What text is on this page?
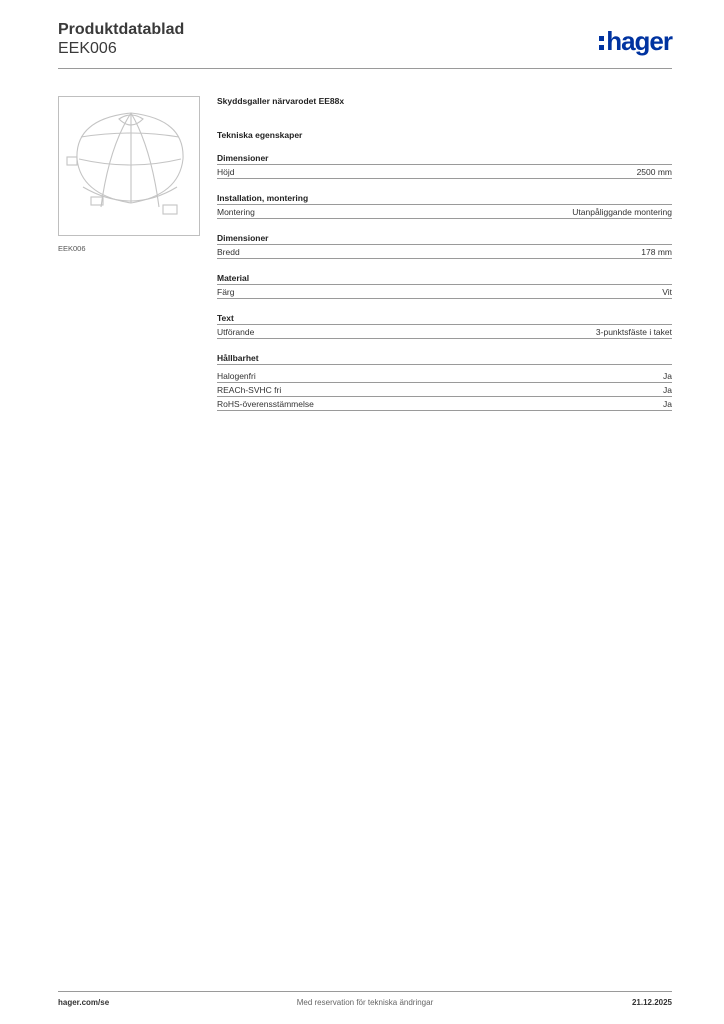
Produktdatablad
EEK006	hager
EEK006
Skyddsgaller närvarodet EE88x
Tekniska egenskaper
Dimensioner
Höjd	2500 mm
Installation, montering
Montering	Utanpåliggande montering
Dimensioner
Bredd	178 mm
Material
Färg	Vit
Text
Utförande	3-punktsfäste i taket
Hållbarhet
Halogenfri	Ja
REACh-SVHC fri	Ja
RoHS-överensstämmelse	Ja
hager.com/se	Med reservation för tekniska ändringar	21.12.2025
